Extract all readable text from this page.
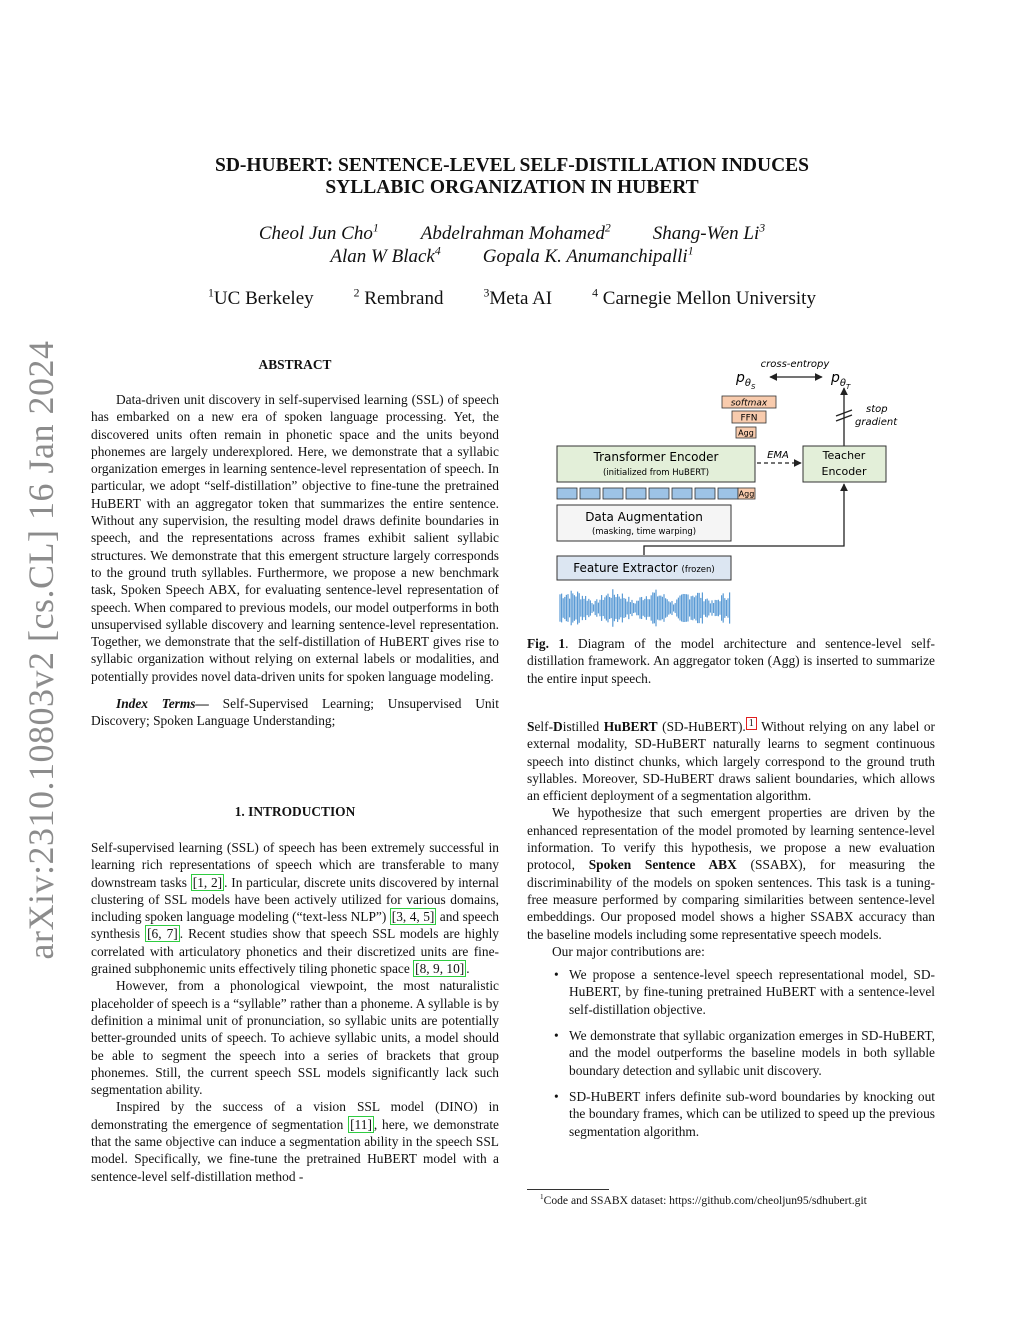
arXiv:2310.10803v2 [cs.CL] 16 Jan 2024
SD-HUBERT: SENTENCE-LEVEL SELF-DISTILLATION INDUCES
SYLLABIC ORGANIZATION IN HUBERT
Cheol Jun Cho$^1$ Abdelrahman Mohamed$^2$ Shang-Wen Li$^3$
Alan W Black$^4$ Gopala K. Anumanchipalli$^1$
$^1$UC Berkeley	$^2$ Rembrand	$^3$Meta AI	$^4$ Carnegie Mellon University
ABSTRACT

Data-driven unit discovery in self-supervised learning (SSL) of speech has embarked on a new era of spoken language processing. Yet, the discovered units often remain in phonetic space and the units beyond phonemes are largely underexplored. Here, we demonstrate that a syllabic organization emerges in learning sentence-level representation of speech. In particular, we adopt “self-distillation” objective to fine-tune the pretrained HuBERT with an aggregator token that summarizes the entire sentence. Without any supervision, the resulting model draws definite boundaries in speech, and the representations across frames exhibit salient syllabic structures. We demonstrate that this emergent structure largely corresponds to the ground truth syllables. Furthermore, we propose a new benchmark task, Spoken Speech ABX, for evaluating sentence-level representation of speech. When compared to previous models, our model outperforms in both unsupervised syllable discovery and learning sentence-level representation. Together, we demonstrate that the self-distillation of HuBERT gives rise to syllabic organization without relying on external labels or modalities, and potentially provides novel data-driven units for spoken language modeling.

Index Terms— Self-Supervised Learning; Unsupervised Unit Discovery; Spoken Language Understanding;

1. INTRODUCTION

Self-supervised learning (SSL) of speech has been extremely successful in learning rich representations of speech which are transferable to many downstream tasks [1, 2] . In particular, discrete units discovered by internal clustering of SSL models have been actively utilized for various domains, including spoken language modeling (“text-less NLP”) [3, 4, 5] and speech synthesis [6, 7] . Recent studies show that speech SSL models are highly correlated with articulatory phonetics and their discretized units are fine-grained subphonemic units effectively tiling phonetic space [8, 9, 10] .

However, from a phonological viewpoint, the most naturalistic placeholder of speech is a “syllable” rather than a phoneme. A syllable is by definition a minimal unit of pronunciation, so syllabic units are potentially better-grounded units of speech. To achieve syllabic units, a model should be able to segment the speech into a series of brackets that group phonemes. Still, the current speech SSL models significantly lack such segmentation ability.

Inspired by the success of a vision SSL model (DINO) in demonstrating the emergence of segmentation [11] , here, we demonstrate that the same objective can induce a segmentation ability in the speech SSL model. Specifically, we fine-tune the pretrained HuBERT model with a sentence-level self-distillation method -

cross-entropy
$p_{\theta S}$
$p_{\theta T}$
softmax
FFN
Agg
stop
gradient
Transformer Encoder
(initialized from HuBERT)
EMA	Teacher
Encoder
Agg
Data Augmentation
(masking, time warping)
Feature Extractor (frozen)
Fig. 1. Diagram of the model architecture and sentence-level self-distillation framework. An aggregator token (Agg) is inserted to summarize the entire input speech.

Self-Distilled HuBERT (SD-HuBERT). $^1$ Without relying on any label or external modality, SD-HuBERT naturally learns to segment continuous speech into distinct chunks, which largely correspond to the ground truth syllables. Moreover, SD-HuBERT draws salient boundaries, which allows an efficient deployment of a segmentation algorithm.

We hypothesize that such emergent properties are driven by the enhanced representation of the model promoted by learning sentence-level information. To verify this hypothesis, we propose a new evaluation protocol, Spoken Sentence ABX (SSABX), for measuring the discriminability of the models on spoken sentences. This task is a tuning-free measure performed by comparing similarities between sentence-level embeddings. Our proposed model shows a higher SSABX accuracy than the baseline models including some representative speech models.

Our major contributions are:

• We propose a sentence-level speech representational model, SD-HuBERT, by fine-tuning pretrained HuBERT with a sentence-level self-distillation objective.
• We demonstrate that syllabic organization emerges in SD-HuBERT, and the model outperforms the baseline models in both syllable boundary detection and syllabic unit discovery.
• SD-HuBERT infers definite sub-word boundaries by knocking out the boundary frames, which can be utilized to speed up the previous segmentation algorithm.
$^1$Code and SSABX dataset: https://github.com/cheoljun95/sdhubert.git
